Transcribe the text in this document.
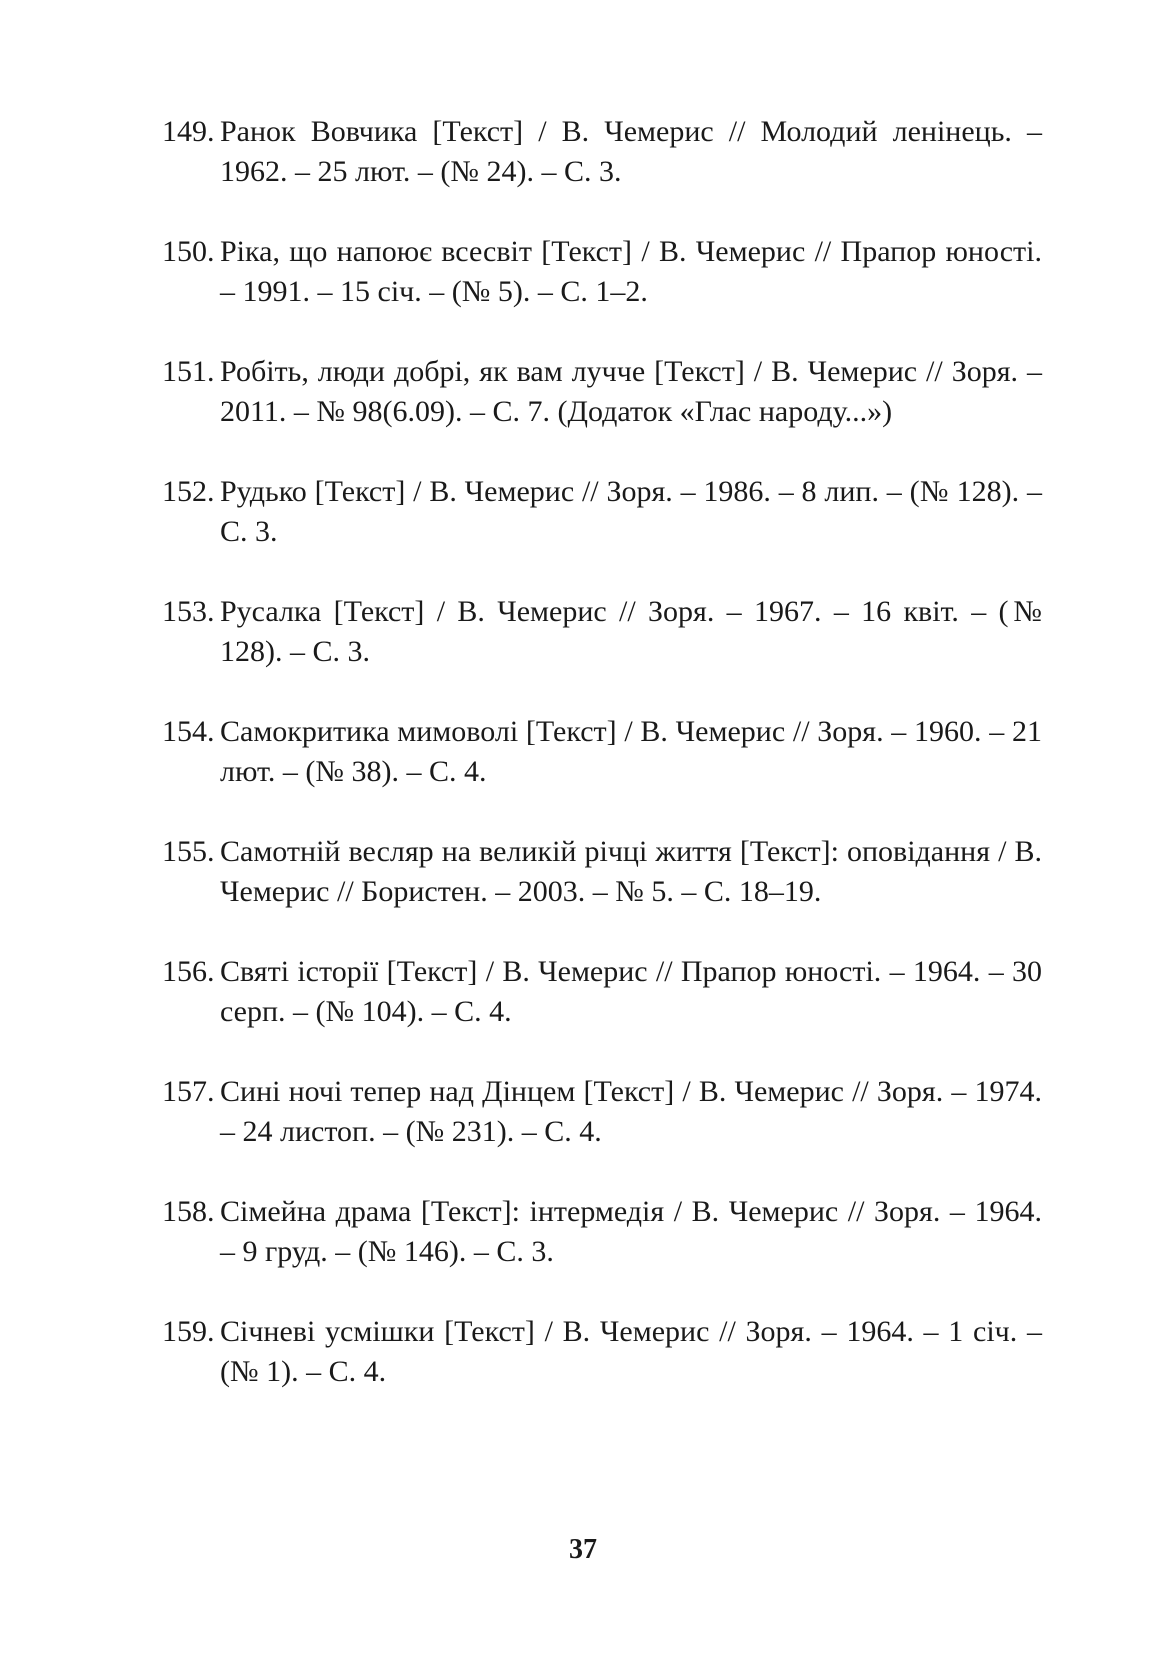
149. Ранок Вовчика [Текст] / В. Чемерис // Молодий ленінець. – 1962. – 25 лют. – (№ 24). – С. 3.
150. Ріка, що напоює всесвіт [Текст] / В. Чемерис // Прапор юності. – 1991. – 15 січ. – (№ 5). – С. 1–2.
151. Робіть, люди добрі, як вам лучче [Текст] / В. Чемерис // Зоря. – 2011. – № 98(6.09). – С. 7. (Додаток «Глас народу...»)
152. Рудько [Текст] / В. Чемерис // Зоря. – 1986. – 8 лип. – (№ 128). – С. 3.
153. Русалка [Текст] / В. Чемерис // Зоря. – 1967. – 16 квіт. – (№ 128). – С. 3.
154. Самокритика мимоволі [Текст] / В. Чемерис // Зоря. – 1960. – 21 лют. – (№ 38). – С. 4.
155. Самотній весляр на великій річці життя [Текст]: оповідання / В. Чемерис // Бористен. – 2003. – № 5. – С. 18–19.
156. Святі історії [Текст] / В. Чемерис // Прапор юності. – 1964. – 30 серп. – (№ 104). – С. 4.
157. Сині ночі тепер над Дінцем [Текст] / В. Чемерис // Зоря. – 1974. – 24 листоп. – (№ 231). – С. 4.
158. Сімейна драма [Текст]: інтермедія / В. Чемерис // Зоря. – 1964. – 9 груд. – (№ 146). – С. 3.
159. Січневі усмішки [Текст] / В. Чемерис // Зоря. – 1964. – 1 січ. – (№ 1). – С. 4.
37
